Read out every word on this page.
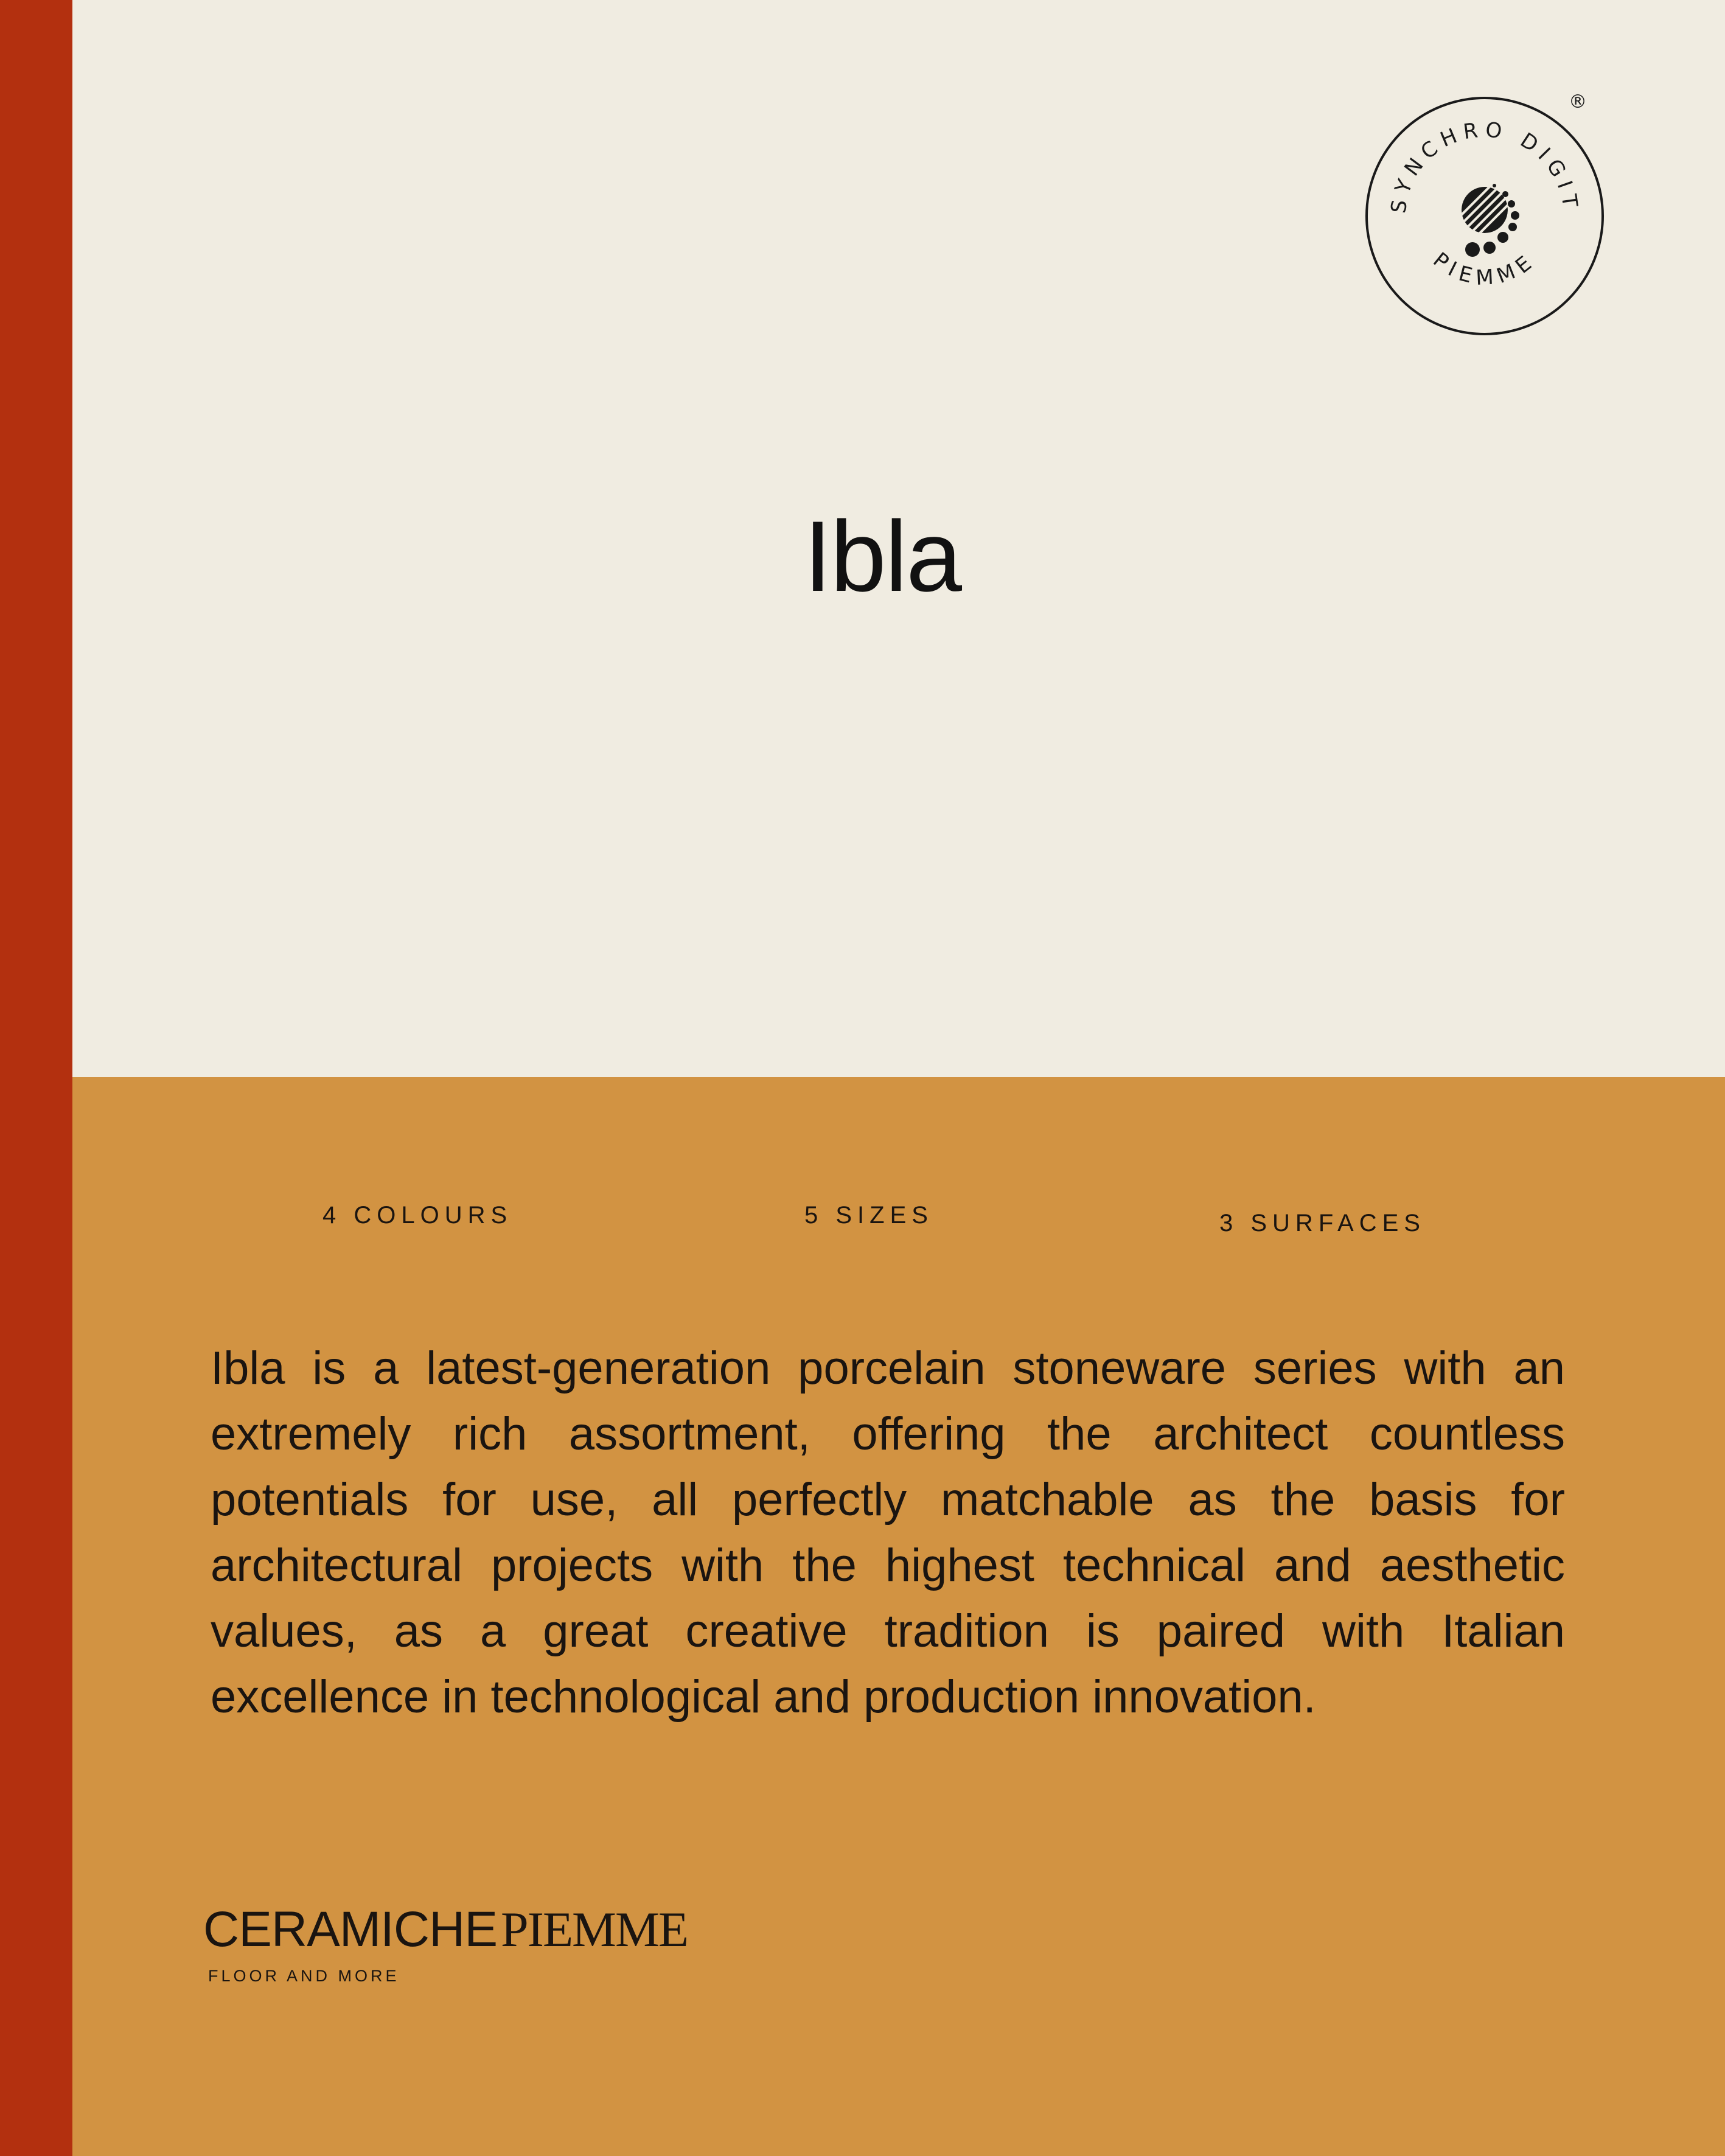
SYNCHRO DIGIT
PIEMME
®
Ibla
4 COLOURS	5 SIZES	3 SURFACES
Ibla is a latest-generation porcelain stoneware series with an extremely rich assortment, offering the architect countless potentials for use, all perfectly matchable as the basis for architectural projects with the highest technical and aesthetic values, as a great creative tradition is paired with Italian excellence in technological and production innovation.
CERAMICHEPIEMME
FLOOR AND MORE
